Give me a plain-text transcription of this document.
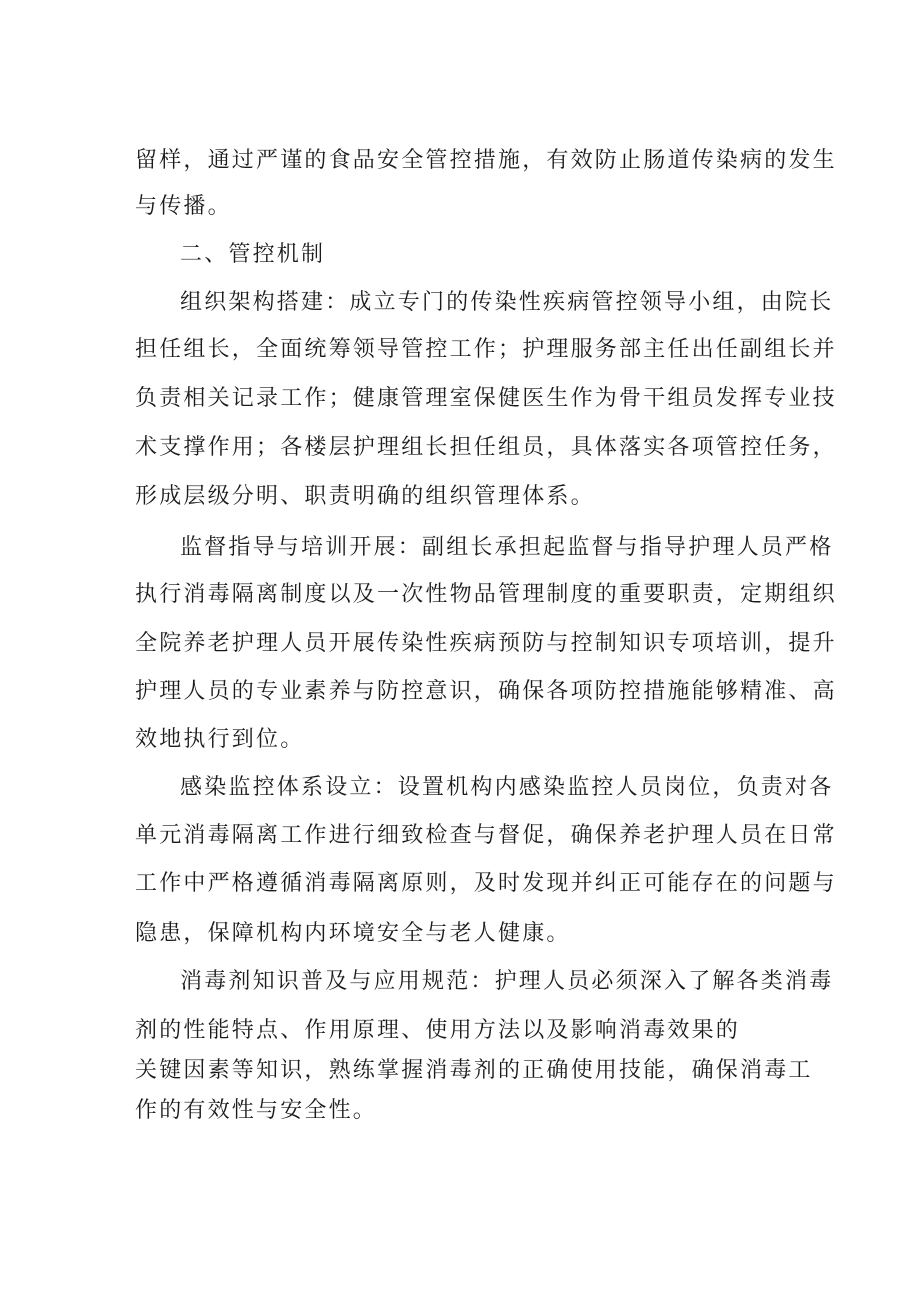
留样，通过严谨的食品安全管控措施，有效防止肠道传染病的发生
与传播。
二、管控机制
组织架构搭建：成立专门的传染性疾病管控领导小组，由院长
担任组长，全面统筹领导管控工作；护理服务部主任出任副组长并
负责相关记录工作；健康管理室保健医生作为骨干组员发挥专业技
术支撑作用；各楼层护理组长担任组员，具体落实各项管控任务，
形成层级分明、职责明确的组织管理体系。
监督指导与培训开展：副组长承担起监督与指导护理人员严格
执行消毒隔离制度以及一次性物品管理制度的重要职责，定期组织
全院养老护理人员开展传染性疾病预防与控制知识专项培训，提升
护理人员的专业素养与防控意识，确保各项防控措施能够精准、高
效地执行到位。
感染监控体系设立：设置机构内感染监控人员岗位，负责对各
单元消毒隔离工作进行细致检查与督促，确保养老护理人员在日常
工作中严格遵循消毒隔离原则，及时发现并纠正可能存在的问题与
隐患，保障机构内环境安全与老人健康。
消毒剂知识普及与应用规范：护理人员必须深入了解各类消毒
剂的性能特点、作用原理、使用方法以及影响消毒效果的
关键因素等知识，熟练掌握消毒剂的正确使用技能，确保消毒工
作的有效性与安全性。
